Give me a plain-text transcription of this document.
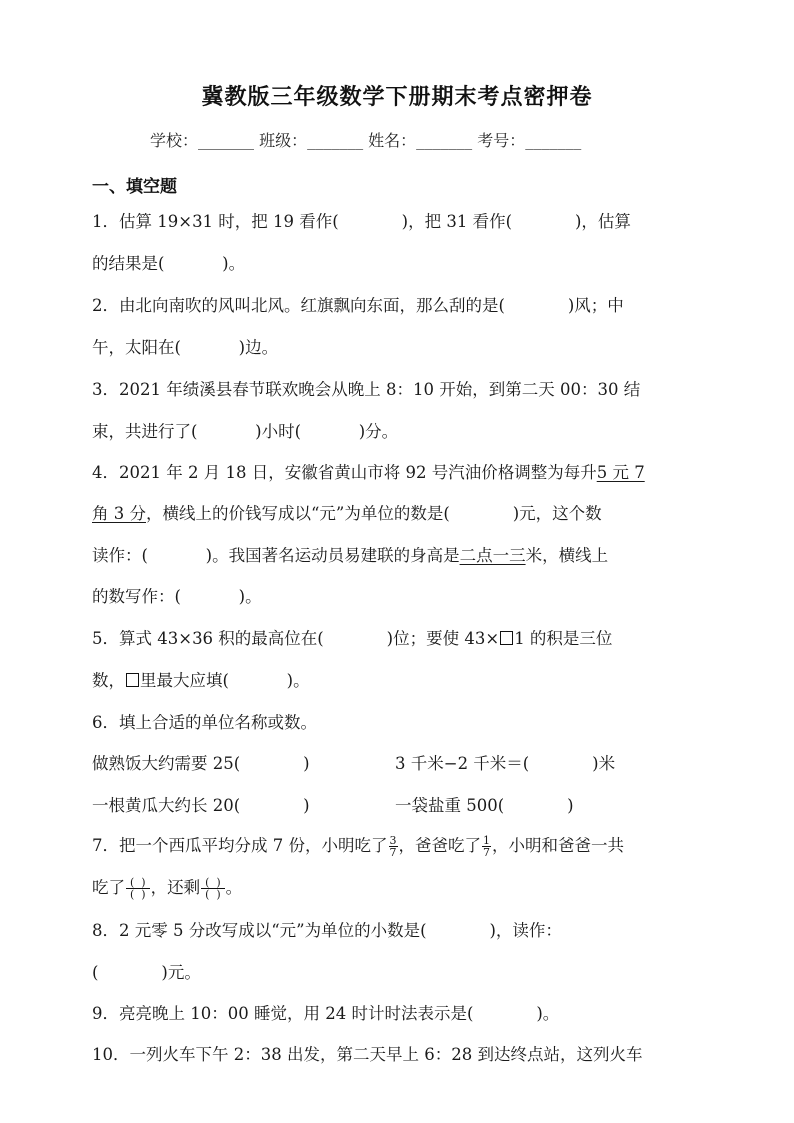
冀教版三年级数学下册期末考点密押卷
学校：_______ 班级：_______ 姓名：_______ 考号：_______
一、填空题
1．估算 19×31 时，把 19 看作(            )，把 31 看作(            )，估算
的结果是(           )。
2．由北向南吹的风叫北风。红旗飘向东面，那么刮的是(            )风；中
午，太阳在(           )边。
3．2021 年绩溪县春节联欢晚会从晚上 8：10 开始，到第二天 00：30 结
束，共进行了(           )小时(           )分。
4．2021 年 2 月 18 日，安徽省黄山市将 92 号汽油价格调整为每升5 元 7
角 3 分，横线上的价钱写成以“元”为单位的数是(            )元，这个数
读作：(           )。我国著名运动员易建联的身高是二点一三米，横线上
的数写作：(           )。
5．算式 43×36 积的最高位在(            )位；要使 43× 1 的积是三位
数， 里最大应填(           )。
6．填上合适的单位名称或数。
做熟饭大约需要 25(            )	3 千米−2 千米＝(            )米
一根黄瓜大约长 20(            )	一袋盐重 500(            )
7．把一个西瓜平均分成 7 份，小明吃了 $\frac{3}{7}$ ，爸爸吃了 $\frac{1}{7}$ ，小明和爸爸一共
吃了 $\frac{( )}{( )}$ ，还剩 $\frac{( )}{( )}$ 。
8．2 元零 5 分改写成以“元”为单位的小数是(            )，读作：
(            )元。
9．亮亮晚上 10：00 睡觉，用 24 时计时法表示是(            )。
10．一列火车下午 2：38 出发，第二天早上 6：28 到达终点站，这列火车
